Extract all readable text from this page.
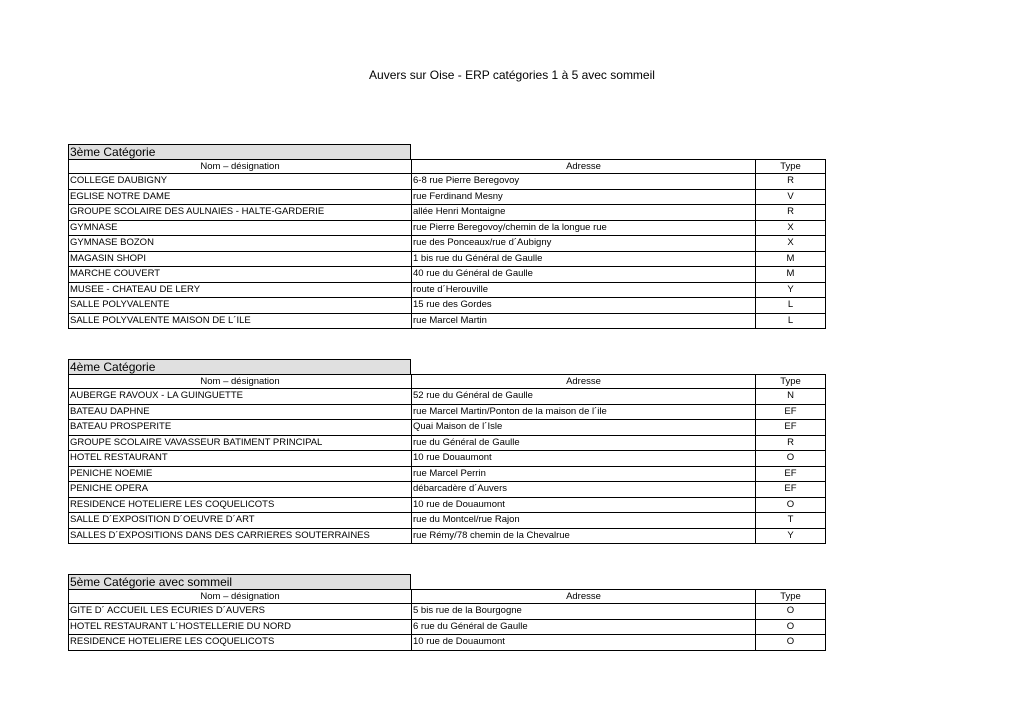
Auvers sur Oise - ERP catégories 1 à 5 avec sommeil
3ème Catégorie
Nom – désignation	Adresse	Type
COLLEGE DAUBIGNY	6-8 rue Pierre Beregovoy	R
EGLISE NOTRE DAME	rue Ferdinand Mesny	V
GROUPE SCOLAIRE DES AULNAIES - HALTE-GARDERIE	allée Henri Montaigne	R
GYMNASE	rue Pierre Beregovoy/chemin de la longue rue	X
GYMNASE BOZON	rue des Ponceaux/rue d´Aubigny	X
MAGASIN SHOPI	1 bis rue du Général de Gaulle	M
MARCHE COUVERT	40 rue du Général de Gaulle	M
MUSEE - CHATEAU DE LERY	route d´Herouville	Y
SALLE POLYVALENTE	15 rue des Gordes	L
SALLE POLYVALENTE MAISON DE L´ILE	rue Marcel Martin	L
4ème Catégorie
Nom – désignation	Adresse	Type
AUBERGE RAVOUX - LA GUINGUETTE	52 rue du Général de Gaulle	N
BATEAU DAPHNE	rue Marcel Martin/Ponton de la maison de l´ile	EF
BATEAU PROSPERITE	Quai Maison de l´Isle	EF
GROUPE SCOLAIRE VAVASSEUR BATIMENT PRINCIPAL	rue du Général de Gaulle	R
HOTEL RESTAURANT	10 rue Douaumont	O
PENICHE NOEMIE	rue Marcel Perrin	EF
PENICHE OPERA	débarcadère d´Auvers	EF
RESIDENCE HOTELIERE LES COQUELICOTS	10 rue de Douaumont	O
SALLE D´EXPOSITION D´OEUVRE D´ART	rue du Montcel/rue Rajon	T
SALLES D´EXPOSITIONS DANS DES CARRIERES SOUTERRAINES	rue Rémy/78 chemin de la Chevalrue	Y
5ème Catégorie avec sommeil
Nom – désignation	Adresse	Type
GITE D´ ACCUEIL LES ECURIES D´AUVERS	5 bis rue de la Bourgogne	O
HOTEL RESTAURANT L´HOSTELLERIE DU NORD	6 rue du Général de Gaulle	O
RESIDENCE HOTELIERE LES COQUELICOTS	10 rue de Douaumont	O
